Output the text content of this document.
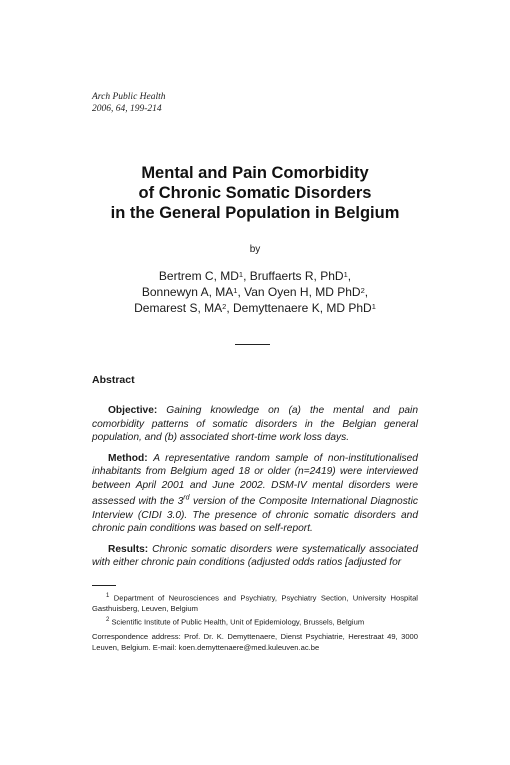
Arch Public Health
2006, 64, 199-214
Mental and Pain Comorbidity
of Chronic Somatic Disorders
in the General Population in Belgium
by
Bertrem C, $MD^1$, Bruffaerts R, PhD$^1$,
Bonnewyn A, $MA^1$, Van Oyen H, MD PhD$^2$,
Demarest S, $MA^2$, Demyttenaere K, MD PhD$^1$
Abstract

Objective: Gaining knowledge on (a) the mental and pain comorbidity patterns of somatic disorders in the Belgian general population, and (b) associated short-time work loss days.

Method: A representative random sample of non-institutionalised inhabitants from Belgium aged 18 or older (n=2419) were interviewed between April 2001 and June 2002. DSM-IV mental disorders were assessed with the 3rd version of the Composite International Diagnostic Interview (CIDI 3.0). The presence of chronic somatic disorders and chronic pain conditions was based on self-report.

Results: Chronic somatic disorders were systematically associated with either chronic pain conditions (adjusted odds ratios [adjusted for

$^1$ Department of Neurosciences and Psychiatry, Psychiatry Section, University Hospital Gasthuisberg, Leuven, Belgium

$^2$ Scientific Institute of Public Health, Unit of Epidemiology, Brussels, Belgium

Correspondence address: Prof. Dr. K. Demyttenaere, Dienst Psychiatrie, Herestraat 49, 3000 Leuven, Belgium. E-mail: koen.demyttenaere@med.kuleuven.ac.be
